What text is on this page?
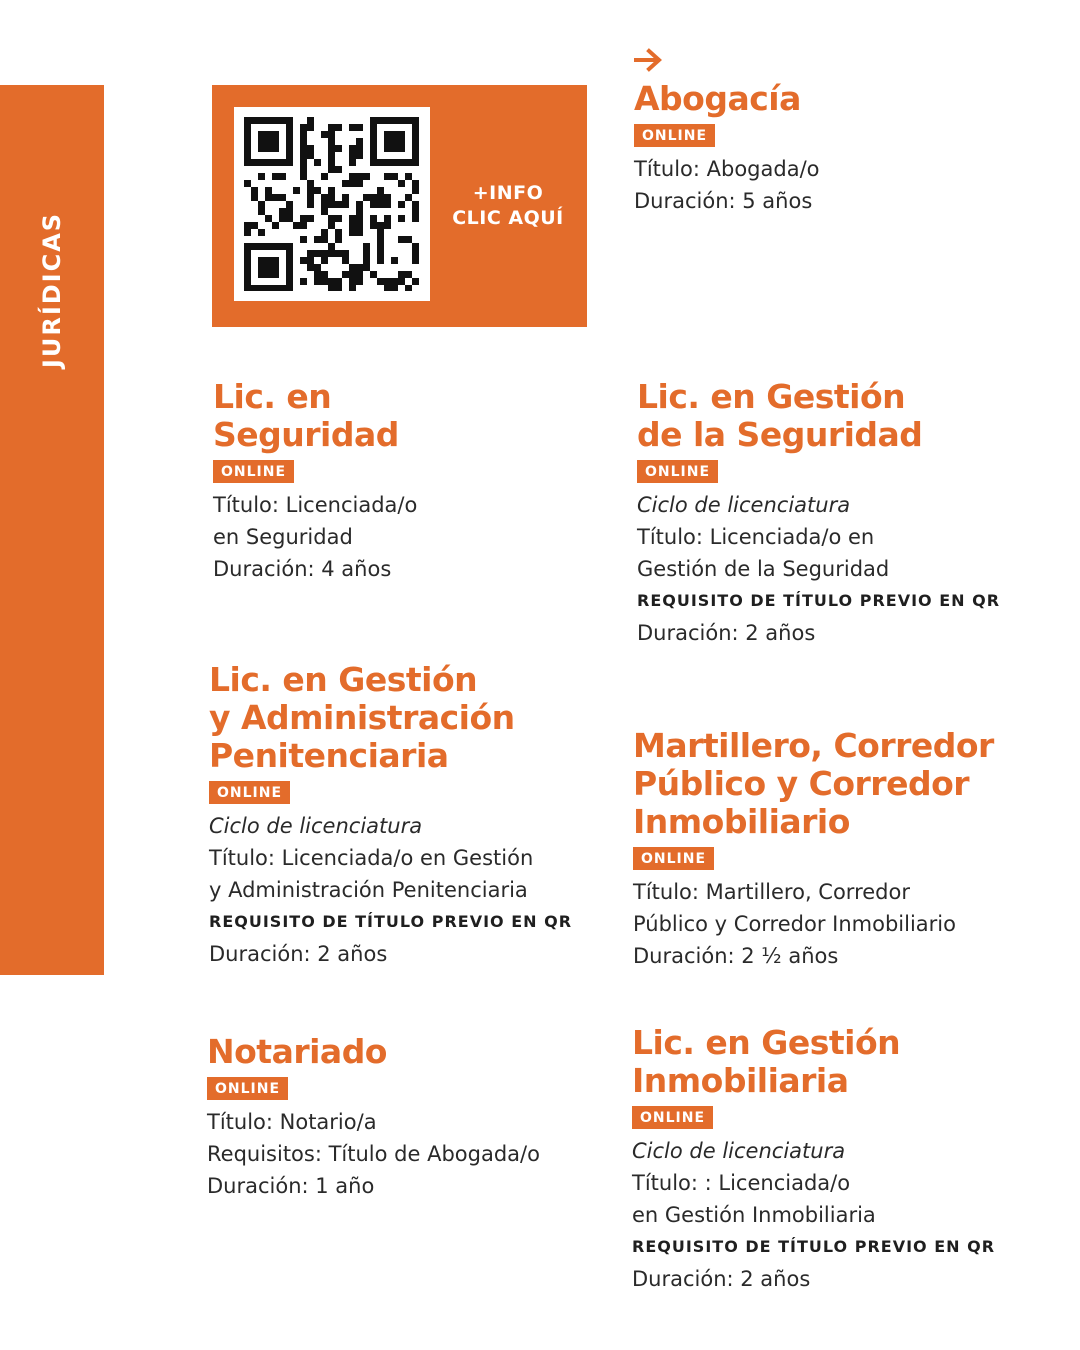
JURÍDICAS
+INFO
CLIC AQUÍ
Abogacía
ONLINE

Título: Abogada/o

Duración: 5 años

Lic. en
Seguridad
ONLINE

Título: Licenciada/o

en Seguridad

Duración: 4 años

Lic. en Gestión
de la Seguridad
ONLINE

Ciclo de licenciatura

Título: Licenciada/o en

Gestión de la Seguridad

REQUISITO DE TÍTULO PREVIO EN QR

Duración: 2 años

Lic. en Gestión
y Administración
Penitenciaria
ONLINE

Ciclo de licenciatura

Título: Licenciada/o en Gestión

y Administración Penitenciaria

REQUISITO DE TÍTULO PREVIO EN QR

Duración: 2 años

Martillero, Corredor
Público y Corredor
Inmobiliario
ONLINE

Título: Martillero, Corredor

Público y Corredor Inmobiliario

Duración: 2 ½ años

Notariado
ONLINE

Título: Notario/a

Requisitos: Título de Abogada/o

Duración: 1 año

Lic. en Gestión
Inmobiliaria
ONLINE

Ciclo de licenciatura

Título: : Licenciada/o

en Gestión Inmobiliaria

REQUISITO DE TÍTULO PREVIO EN QR

Duración: 2 años
